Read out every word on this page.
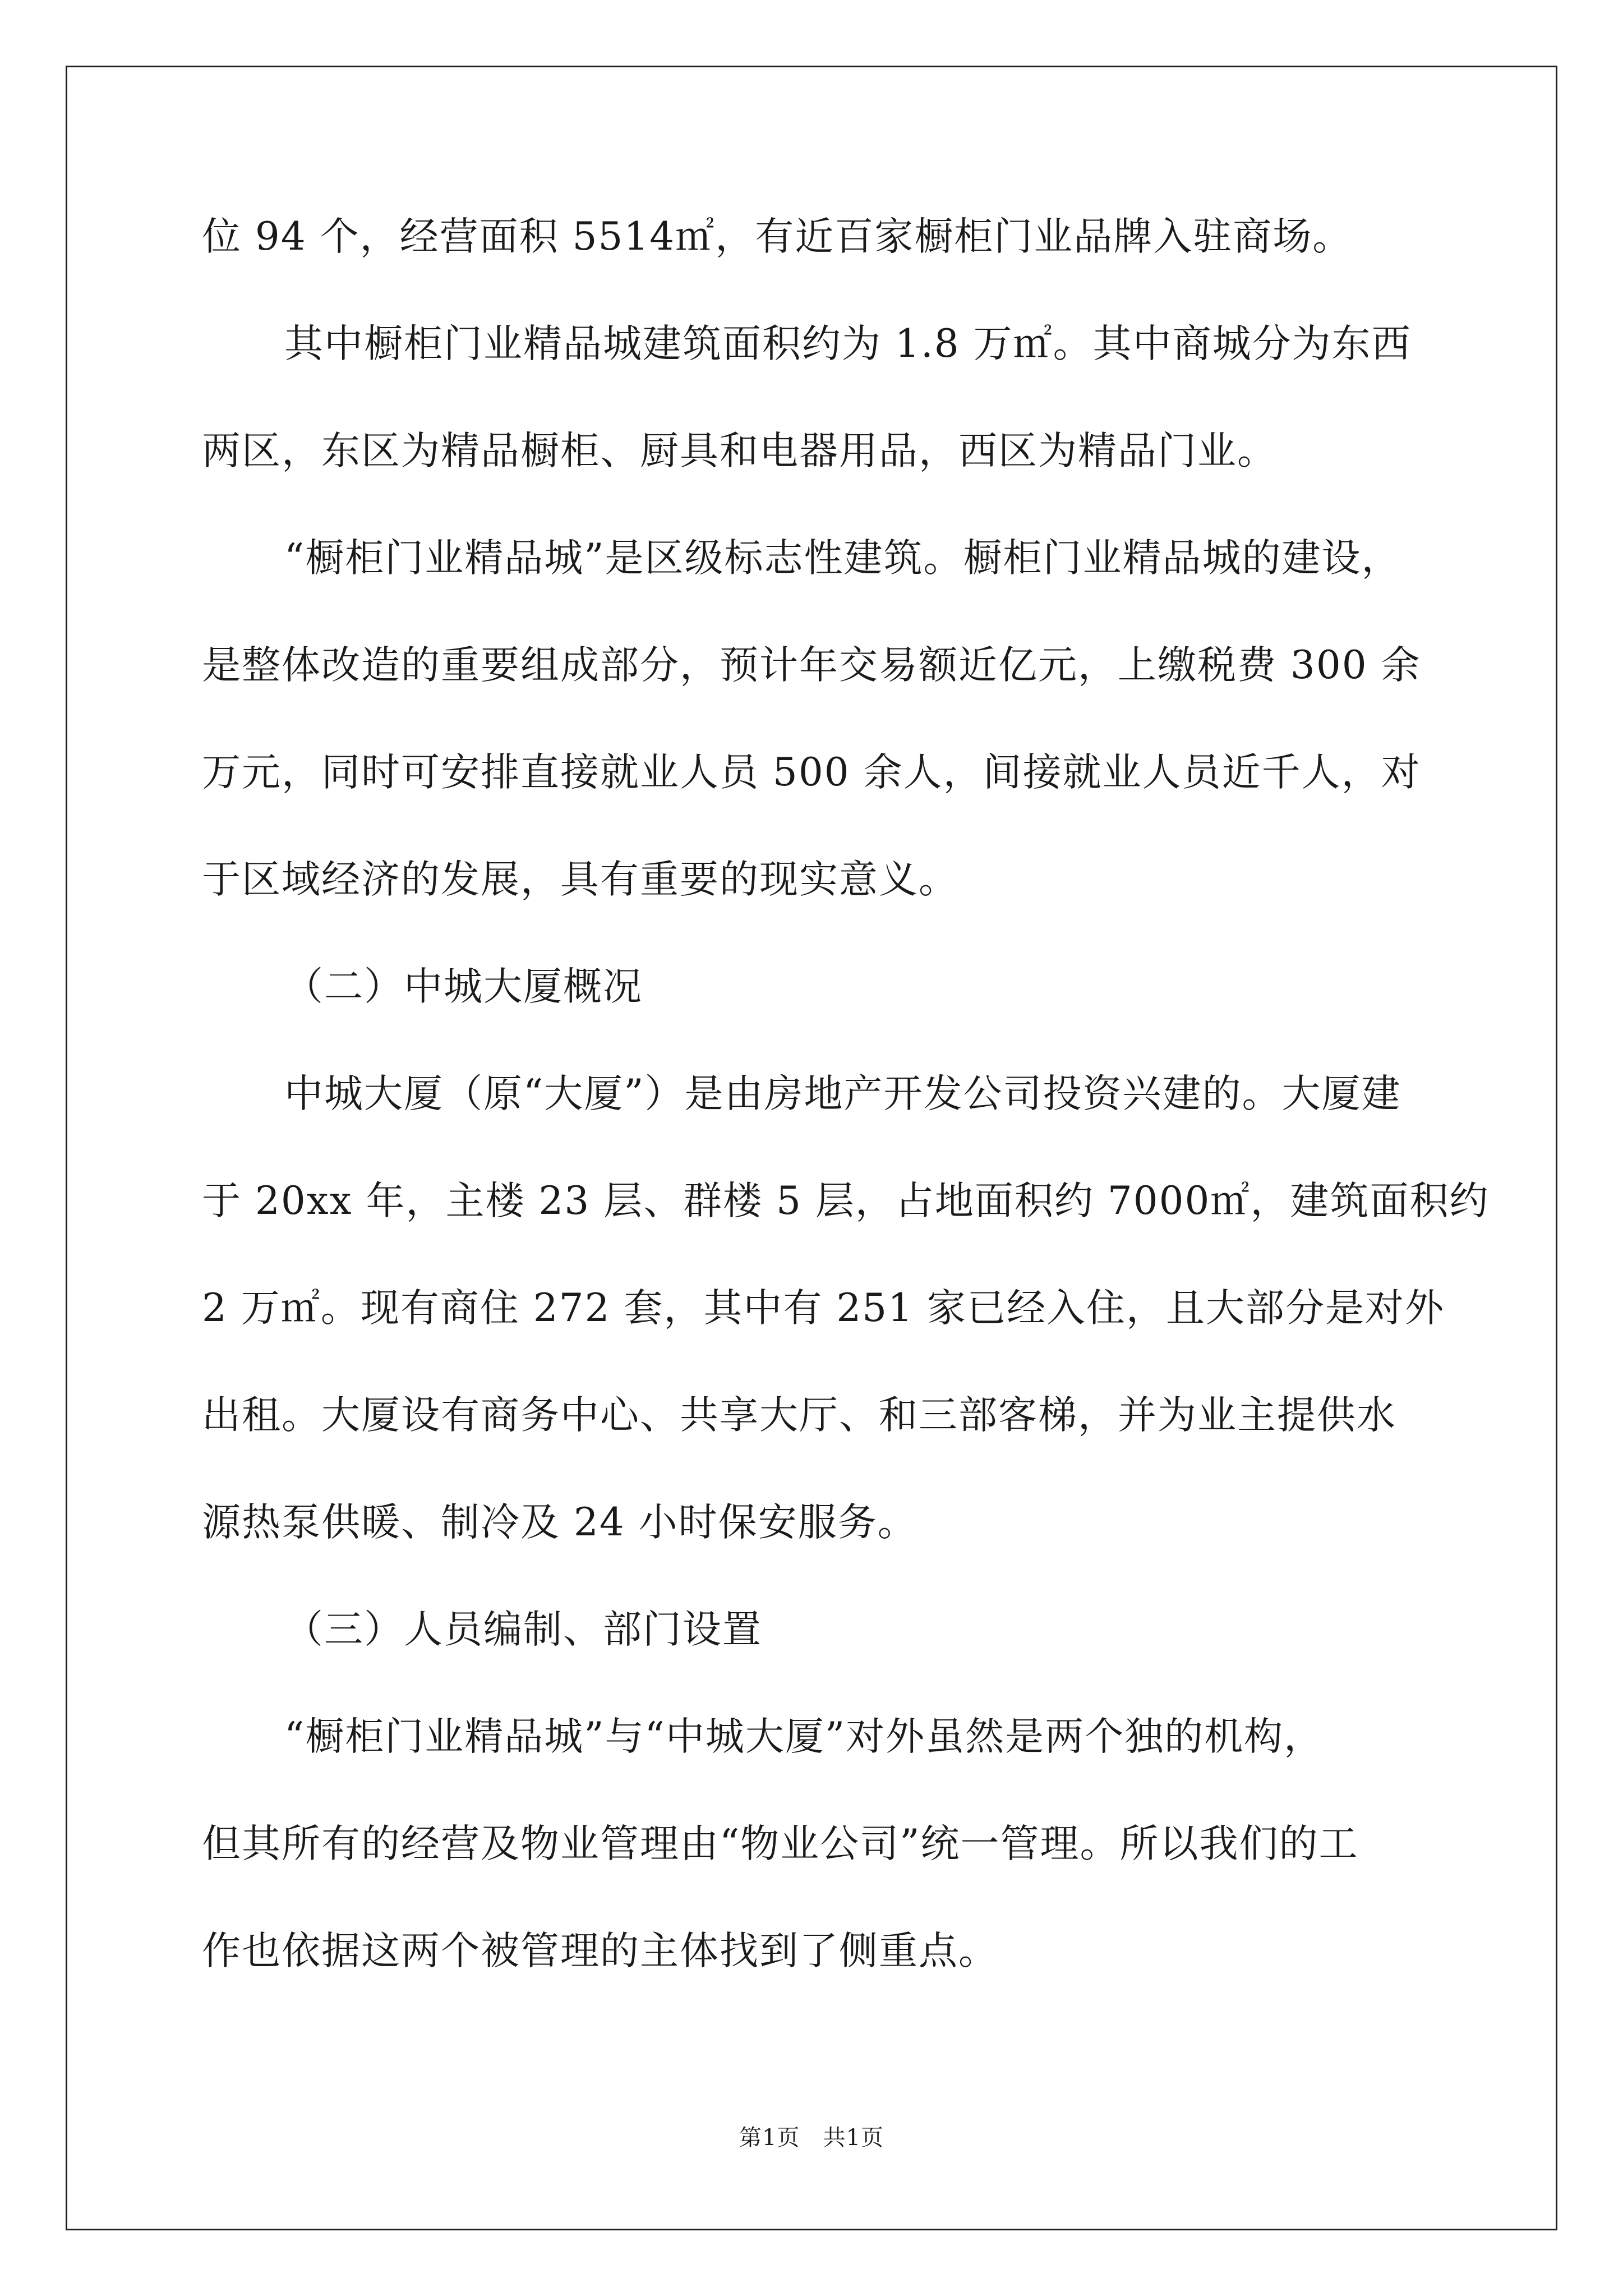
位 94 个，经营面积 5514㎡，有近百家橱柜门业品牌入驻商场。
其中橱柜门业精品城建筑面积约为 1.8 万㎡。其中商城分为东西
两区，东区为精品橱柜、厨具和电器用品，西区为精品门业。
“橱柜门业精品城”是区级标志性建筑。橱柜门业精品城的建设，
是整体改造的重要组成部分，预计年交易额近亿元，上缴税费 300 余
万元，同时可安排直接就业人员 500 余人，间接就业人员近千人，对
于区域经济的发展，具有重要的现实意义。
（二）中城大厦概况
中城大厦（原“大厦”）是由房地产开发公司投资兴建的。大厦建
于 20xx 年，主楼 23 层、群楼 5 层，占地面积约 7000㎡，建筑面积约
2 万㎡。现有商住 272 套，其中有 251 家已经入住，且大部分是对外
出租。大厦设有商务中心、共享大厅、和三部客梯，并为业主提供水
源热泵供暖、制冷及 24 小时保安服务。
（三）人员编制、部门设置
“橱柜门业精品城”与“中城大厦”对外虽然是两个独的机构，
但其所有的经营及物业管理由“物业公司”统一管理。所以我们的工
作也依据这两个被管理的主体找到了侧重点。
第1页   共1页
